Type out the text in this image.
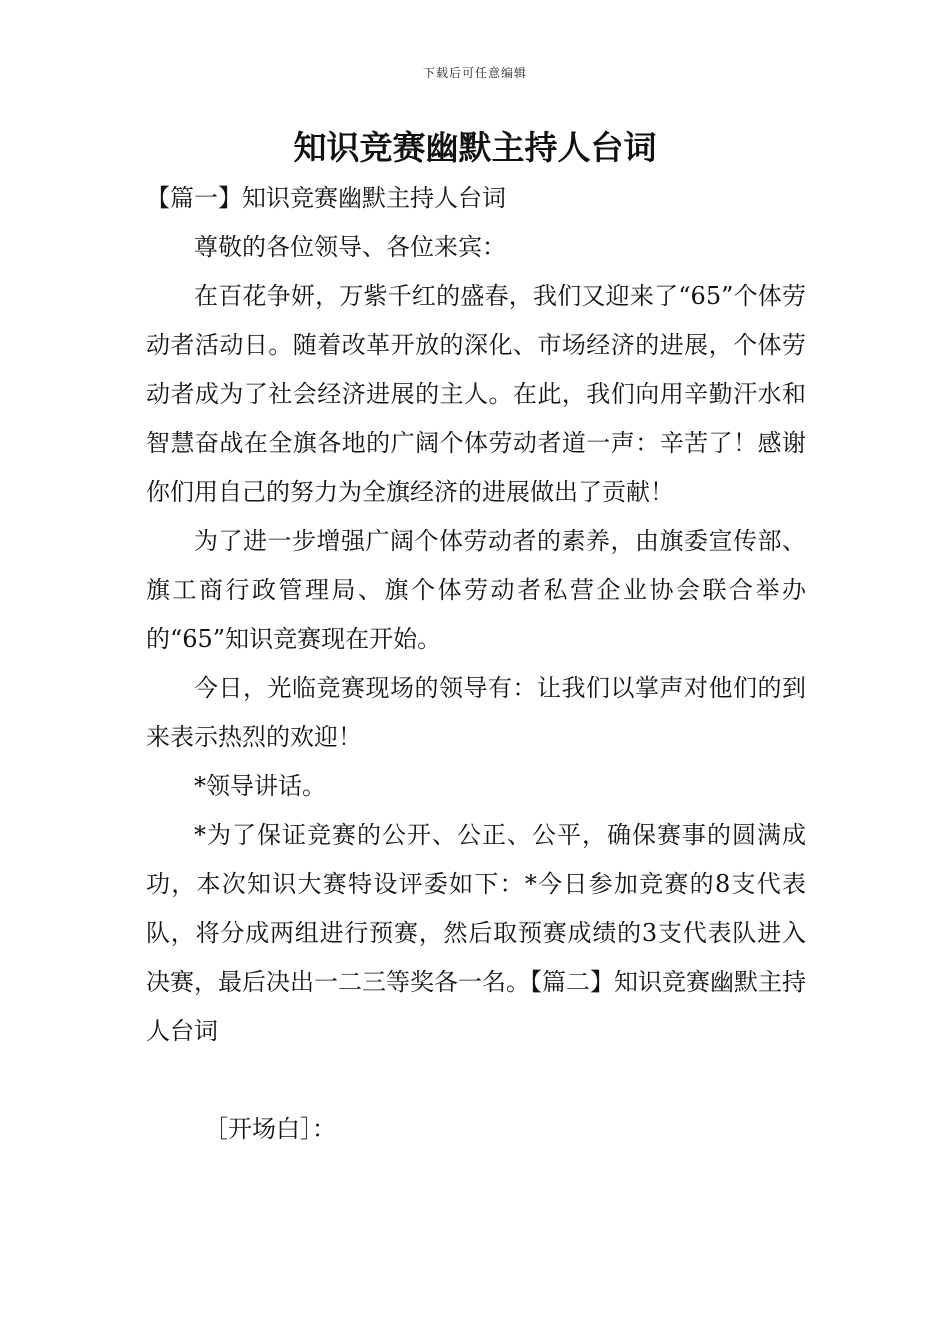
下载后可任意编辑
知识竞赛幽默主持人台词

【篇一】知识竞赛幽默主持人台词

尊敬的各位领导、各位来宾：

在百花争妍，万紫千红的盛春，我们又迎来了“65”个体劳动者活动日。随着改革开放的深化、市场经济的进展，个体劳动者成为了社会经济进展的主人。在此，我们向用辛勤汗水和智慧奋战在全旗各地的广阔个体劳动者道一声：辛苦了！感谢你们用自己的努力为全旗经济的进展做出了贡献！

为了进一步增强广阔个体劳动者的素养，由旗委宣传部、旗工商行政管理局、旗个体劳动者私营企业协会联合举办的“65”知识竞赛现在开始。

今日，光临竞赛现场的领导有：让我们以掌声对他们的到来表示热烈的欢迎！

*领导讲话。

*为了保证竞赛的公开、公正、公平，确保赛事的圆满成功，本次知识大赛特设评委如下：*今日参加竞赛的8支代表队，将分成两组进行预赛，然后取预赛成绩的3支代表队进入决赛，最后决出一二三等奖各一名。【篇二】知识竞赛幽默主持人台词

［开场白］：
